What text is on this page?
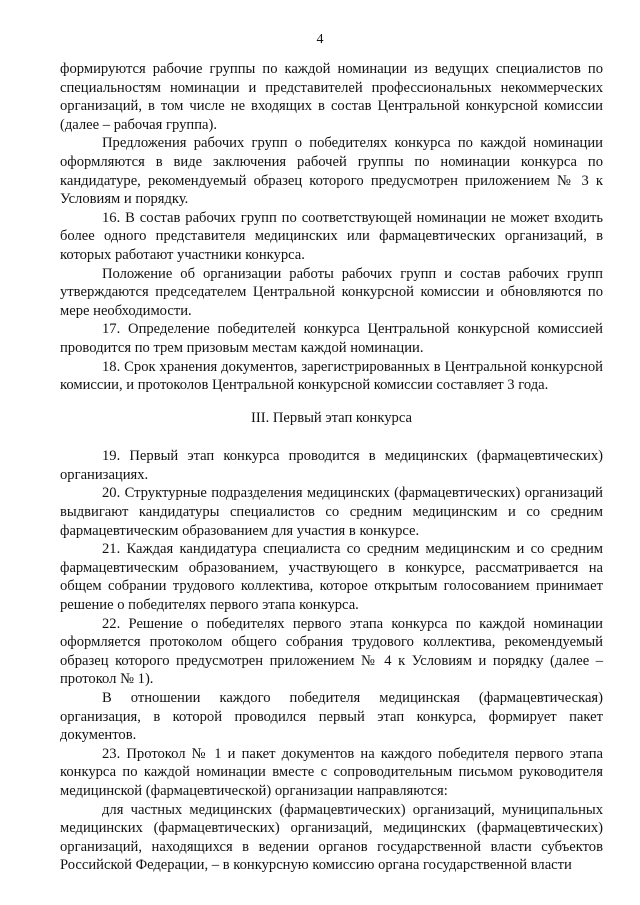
4

формируются рабочие группы по каждой номинации из ведущих специалистов по специальностям номинации и представителей профессиональных некоммерческих организаций, в том числе не входящих в состав Центральной конкурсной комиссии (далее – рабочая группа).

Предложения рабочих групп о победителях конкурса по каждой номинации оформляются в виде заключения рабочей группы по номинации конкурса по кандидатуре, рекомендуемый образец которого предусмотрен приложением № 3 к Условиям и порядку.

16. В состав рабочих групп по соответствующей номинации не может входить более одного представителя медицинских или фармацевтических организаций, в которых работают участники конкурса.

Положение об организации работы рабочих групп и состав рабочих групп утверждаются председателем Центральной конкурсной комиссии и обновляются по мере необходимости.

17. Определение победителей конкурса Центральной конкурсной комиссией проводится по трем призовым местам каждой номинации.

18. Срок хранения документов, зарегистрированных в Центральной конкурсной комиссии, и протоколов Центральной конкурсной комиссии составляет 3 года.

III. Первый этап конкурса

19. Первый этап конкурса проводится в медицинских (фармацевтических) организациях.

20. Структурные подразделения медицинских (фармацевтических) организаций выдвигают кандидатуры специалистов со средним медицинским и со средним фармацевтическим образованием для участия в конкурсе.

21. Каждая кандидатура специалиста со средним медицинским и со средним фармацевтическим образованием, участвующего в конкурсе, рассматривается на общем собрании трудового коллектива, которое открытым голосованием принимает решение о победителях первого этапа конкурса.

22. Решение о победителях первого этапа конкурса по каждой номинации оформляется протоколом общего собрания трудового коллектива, рекомендуемый образец которого предусмотрен приложением № 4 к Условиям и порядку (далее – протокол № 1).

В отношении каждого победителя медицинская (фармацевтическая) организация, в которой проводился первый этап конкурса, формирует пакет документов.

23. Протокол № 1 и пакет документов на каждого победителя первого этапа конкурса по каждой номинации вместе с сопроводительным письмом руководителя медицинской (фармацевтической) организации направляются:

для частных медицинских (фармацевтических) организаций, муниципальных медицинских (фармацевтических) организаций, медицинских (фармацевтических) организаций, находящихся в ведении органов государственной власти субъектов Российской Федерации, – в конкурсную комиссию органа государственной власти
